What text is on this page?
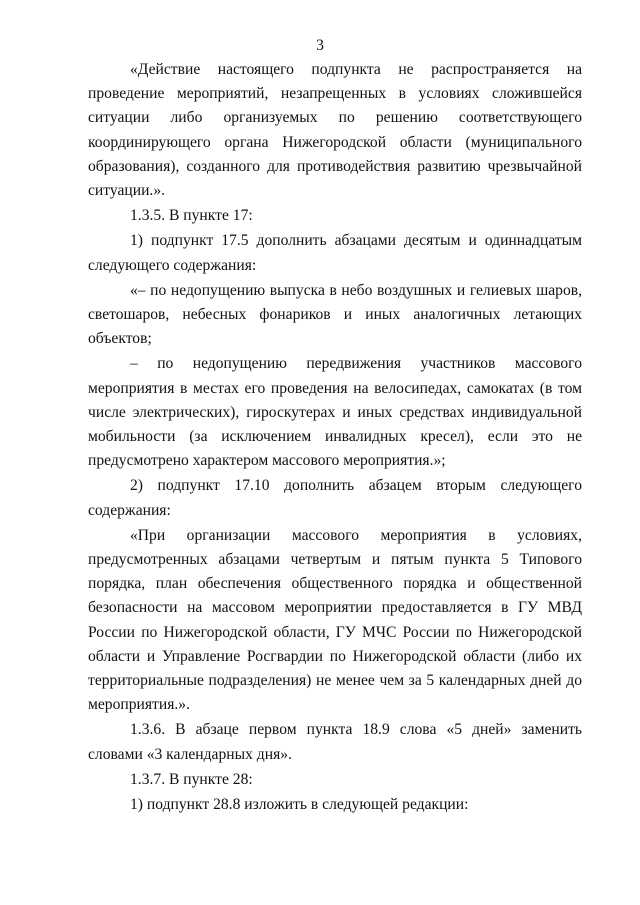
3

«Действие настоящего подпункта не распространяется на проведение мероприятий, незапрещенных в условиях сложившейся ситуации либо организуемых по решению соответствующего координирующего органа Нижегородской области (муниципального образования), созданного для противодействия развитию чрезвычайной ситуации.».

1.3.5. В пункте 17:

1) подпункт 17.5 дополнить абзацами десятым и одиннадцатым следующего содержания:

«– по недопущению выпуска в небо воздушных и гелиевых шаров, светошаров, небесных фонариков и иных аналогичных летающих объектов;

– по недопущению передвижения участников массового мероприятия в местах его проведения на велосипедах, самокатах (в том числе электрических), гироскутерах и иных средствах индивидуальной мобильности (за исключением инвалидных кресел), если это не предусмотрено характером массового мероприятия.»;

2) подпункт 17.10 дополнить абзацем вторым следующего содержания:

«При организации массового мероприятия в условиях, предусмотренных абзацами четвертым и пятым пункта 5 Типового порядка, план обеспечения общественного порядка и общественной безопасности на массовом мероприятии предоставляется в ГУ МВД России по Нижегородской области, ГУ МЧС России по Нижегородской области и Управление Росгвардии по Нижегородской области (либо их территориальные подразделения) не менее чем за 5 календарных дней до мероприятия.».

1.3.6. В абзаце первом пункта 18.9 слова «5 дней» заменить словами «3 календарных дня».

1.3.7. В пункте 28:

1) подпункт 28.8 изложить в следующей редакции:
